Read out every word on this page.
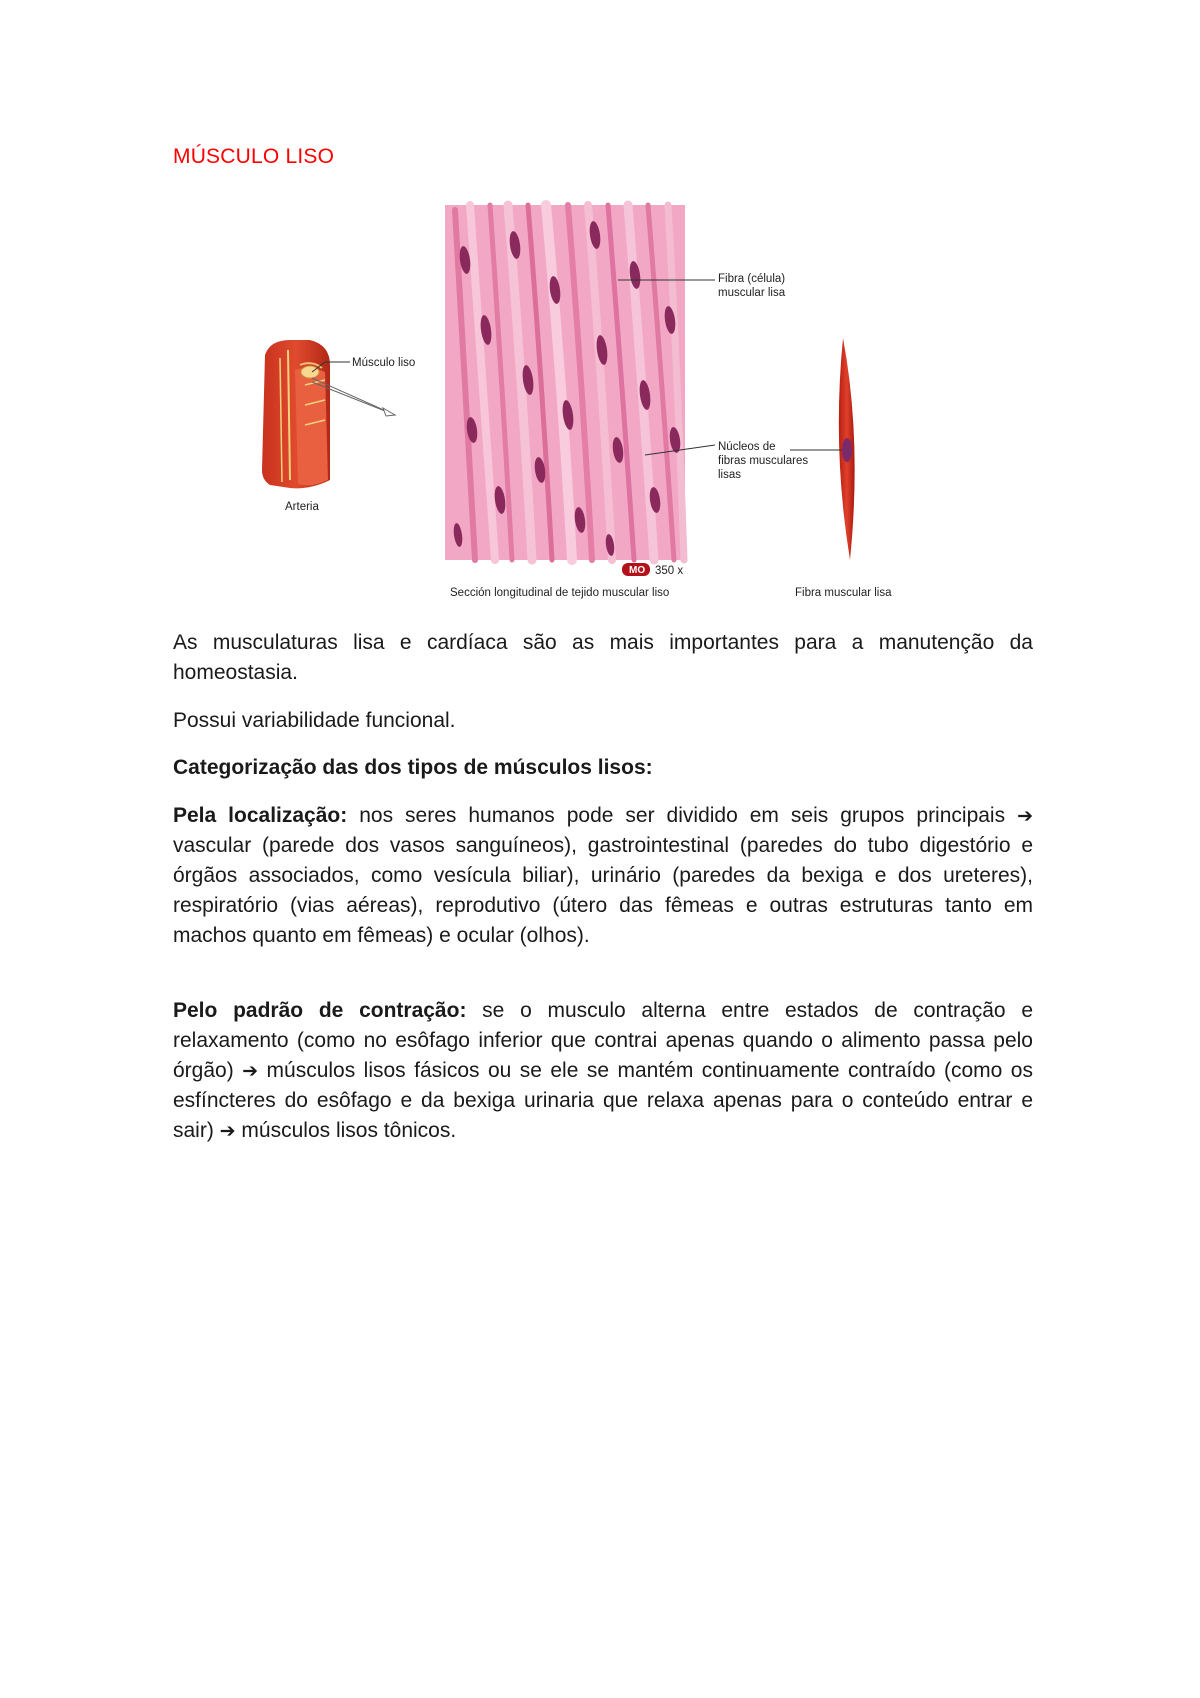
MÚSCULO LISO
Músculo liso
Arteria
Fibra (célula)
muscular lisa
Núcleos de
fibras musculares
lisas
MO 350 x
Sección longitudinal de tejido muscular liso	Fibra muscular lisa
As musculaturas lisa e cardíaca são as mais importantes para a manutenção da homeostasia.
Possui variabilidade funcional.
Categorização das dos tipos de músculos lisos:
Pela localização: nos seres humanos pode ser dividido em seis grupos principais ➔ vascular (parede dos vasos sanguíneos), gastrointestinal (paredes do tubo digestório e órgãos associados, como vesícula biliar), urinário (paredes da bexiga e dos ureteres), respiratório (vias aéreas), reprodutivo (útero das fêmeas e outras estruturas tanto em machos quanto em fêmeas) e ocular (olhos).
Pelo padrão de contração: se o musculo alterna entre estados de contração e relaxamento (como no esôfago inferior que contrai apenas quando o alimento passa pelo órgão) ➔ músculos lisos fásicos ou se ele se mantém continuamente contraído (como os esfíncteres do esôfago e da bexiga urinaria que relaxa apenas para o conteúdo entrar e sair) ➔ músculos lisos tônicos.
